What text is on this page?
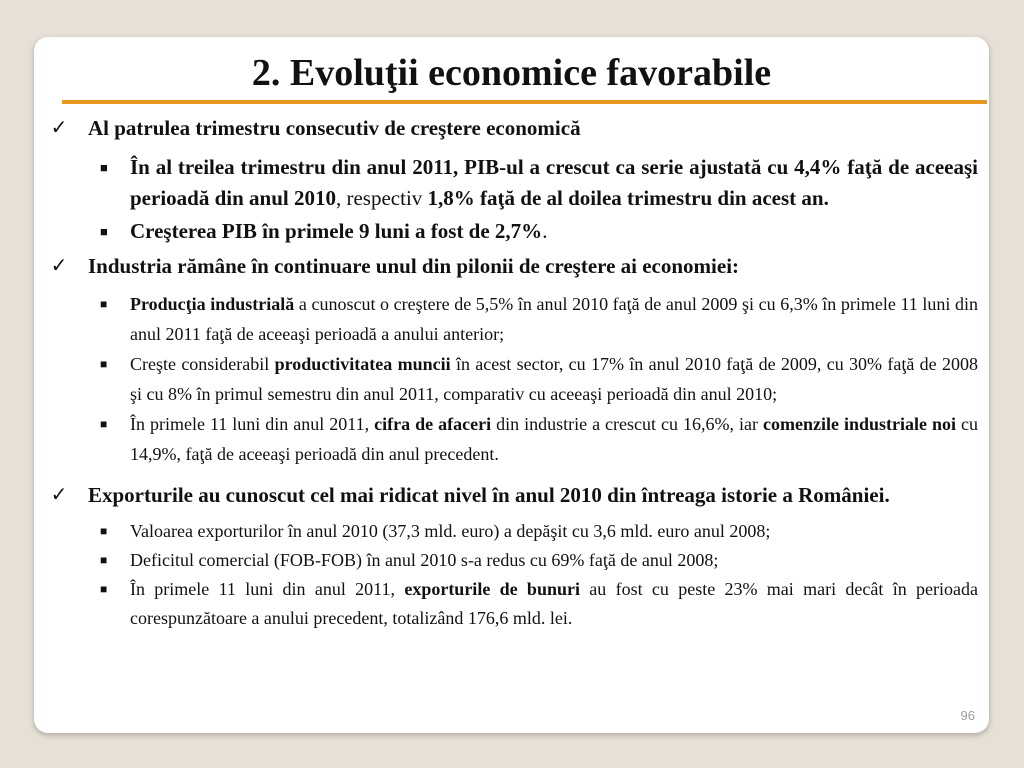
2. Evoluţii economice favorabile
✓ Al patrulea trimestru consecutiv de creştere economică
■ În al treilea trimestru din anul 2011, PIB-ul a crescut ca serie ajustată cu 4,4% faţă de aceeaşi perioadă din anul 2010, respectiv 1,8% faţă de al doilea trimestru din acest an.
■ Creşterea PIB în primele 9 luni a fost de 2,7%.
✓ Industria rămâne în continuare unul din pilonii de creştere ai economiei:
■ Producţia industrială a cunoscut o creştere de 5,5% în anul 2010 faţă de anul 2009 şi cu 6,3% în primele 11 luni din anul 2011 faţă de aceeaşi perioadă a anului anterior;
■ Creşte considerabil productivitatea muncii în acest sector, cu 17% în anul 2010 faţă de 2009, cu 30% faţă de 2008 şi cu 8% în primul semestru din anul 2011, comparativ cu aceeaşi perioadă din anul 2010;
■ În primele 11 luni din anul 2011, cifra de afaceri din industrie a crescut cu 16,6%, iar comenzile industriale noi cu 14,9%, faţă de aceeaşi perioadă din anul precedent.
✓ Exporturile au cunoscut cel mai ridicat nivel în anul 2010 din întreaga istorie a României.
■ Valoarea exporturilor în anul 2010 (37,3 mld. euro) a depăşit cu 3,6 mld. euro anul 2008;
■ Deficitul comercial (FOB-FOB) în anul 2010 s-a redus cu 69% faţă de anul 2008;
■ În primele 11 luni din anul 2011, exporturile de bunuri au fost cu peste 23% mai mari decât în perioada corespunzătoare a anului precedent, totalizând 176,6 mld. lei.
96
